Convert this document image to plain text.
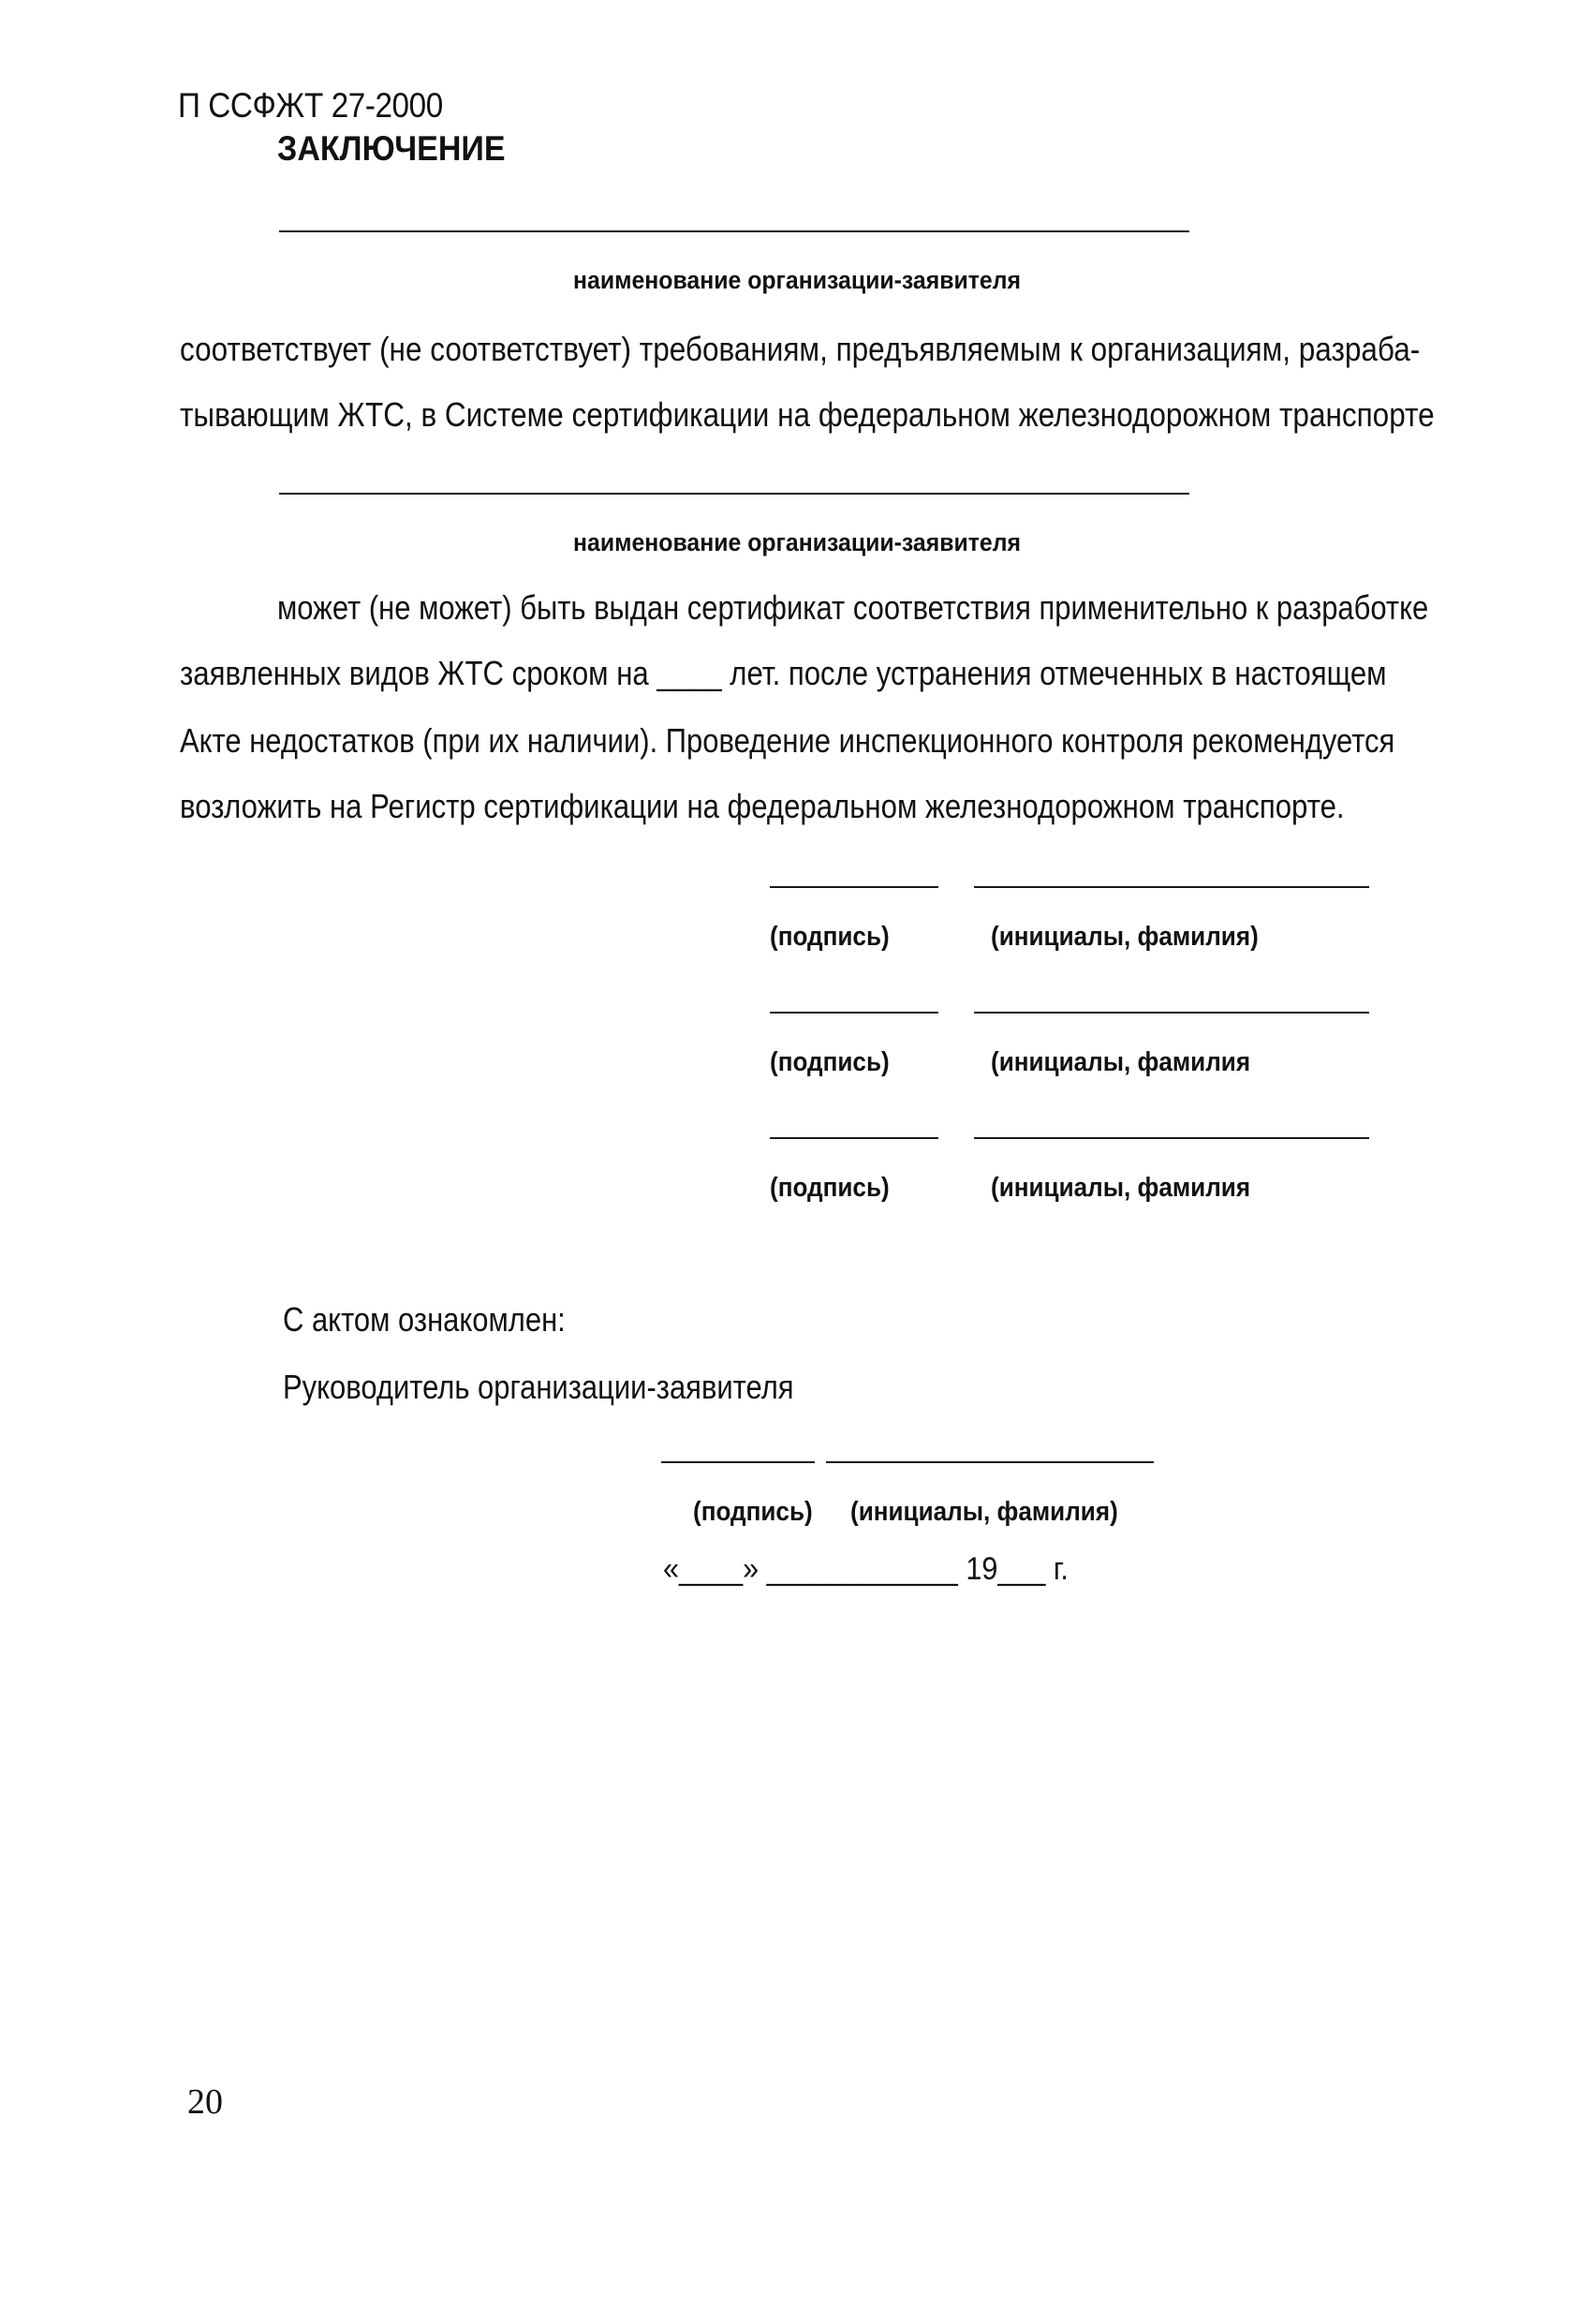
П ССФЖТ 27-2000
ЗАКЛЮЧЕНИЕ
наименование организации-заявителя
соответствует (не соответствует) требованиям, предъявляемым к организациям, разраба-
тывающим ЖТС, в Системе сертификации на федеральном железнодорожном транспорте
наименование организации-заявителя
может (не может) быть выдан сертификат соответствия применительно к разработке
заявленных видов ЖТС сроком на ____ лет. после устранения отмеченных в настоящем
Акте недостатков (при их наличии). Проведение инспекционного контроля рекомендуется
возложить на Регистр сертификации на федеральном железнодорожном транспорте.
(подпись)	(инициалы, фамилия)
(подпись)	(инициалы, фамилия
(подпись)	(инициалы, фамилия
С актом ознакомлен:
Руководитель организации-заявителя
(подпись) (инициалы, фамилия)
«____» ____________ 19___ г.
20
